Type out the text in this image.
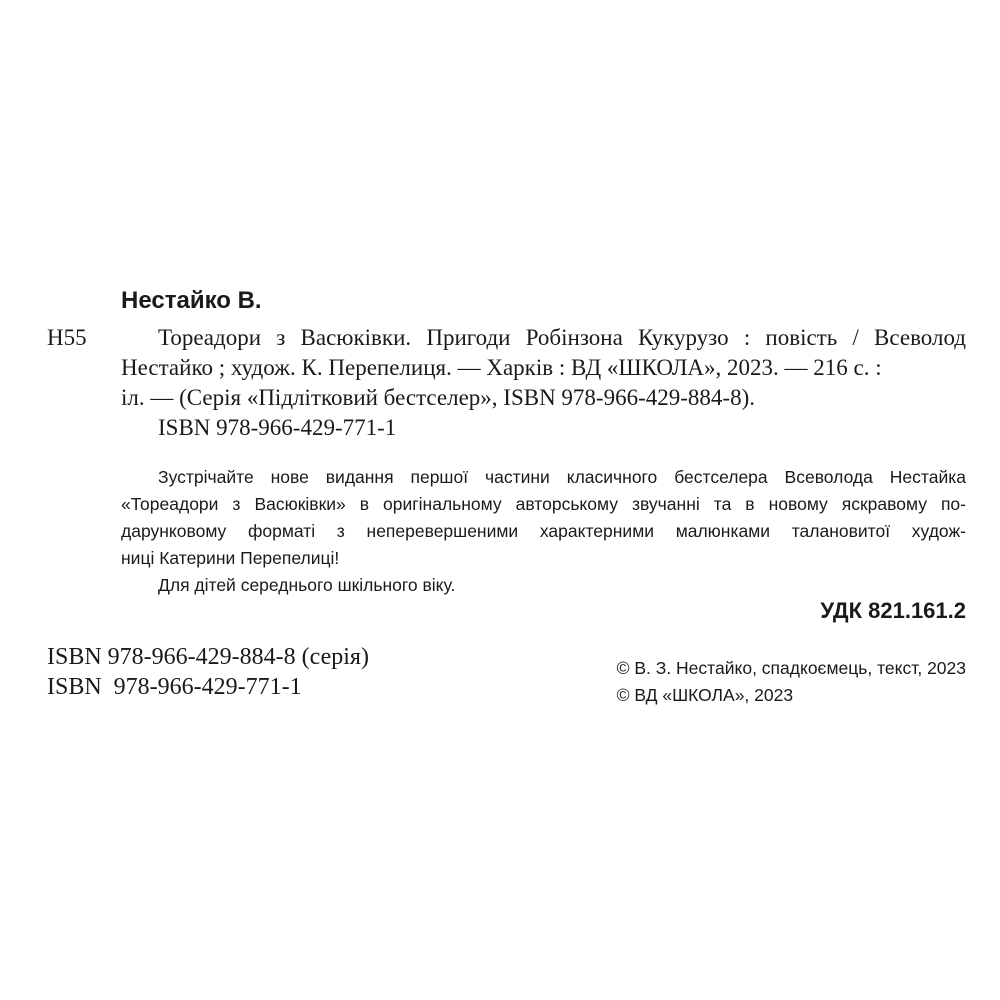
Нестайко В.
Н55	Тореадори з Васюківки. Пригоди Робінзона Кукурузо : повість / Всеволод
Нестайко ; худож. К. Перепелиця. — Харків : ВД «ШКОЛА», 2023. — 216 с. :
іл. — (Серія «Підлітковий бестселер», ISBN 978-966-429-884-8).
ISBN 978-966-429-771-1
Зустрічайте нове видання першої частини класичного бестселера Всеволода Нестайка
«Тореадори з Васюківки» в оригінальному авторському звучанні та в новому яскравому по-
дарунковому форматі з неперевершеними характерними малюнками талановитої худож-
ниці Катерини Перепелиці!
Для дітей середнього шкільного віку.
УДК 821.161.2
ISBN 978-966-429-884-8 (серія)
ISBN  978-966-429-771-1
© В. З. Нестайко, спадкоємець, текст, 2023
© ВД «ШКОЛА», 2023
